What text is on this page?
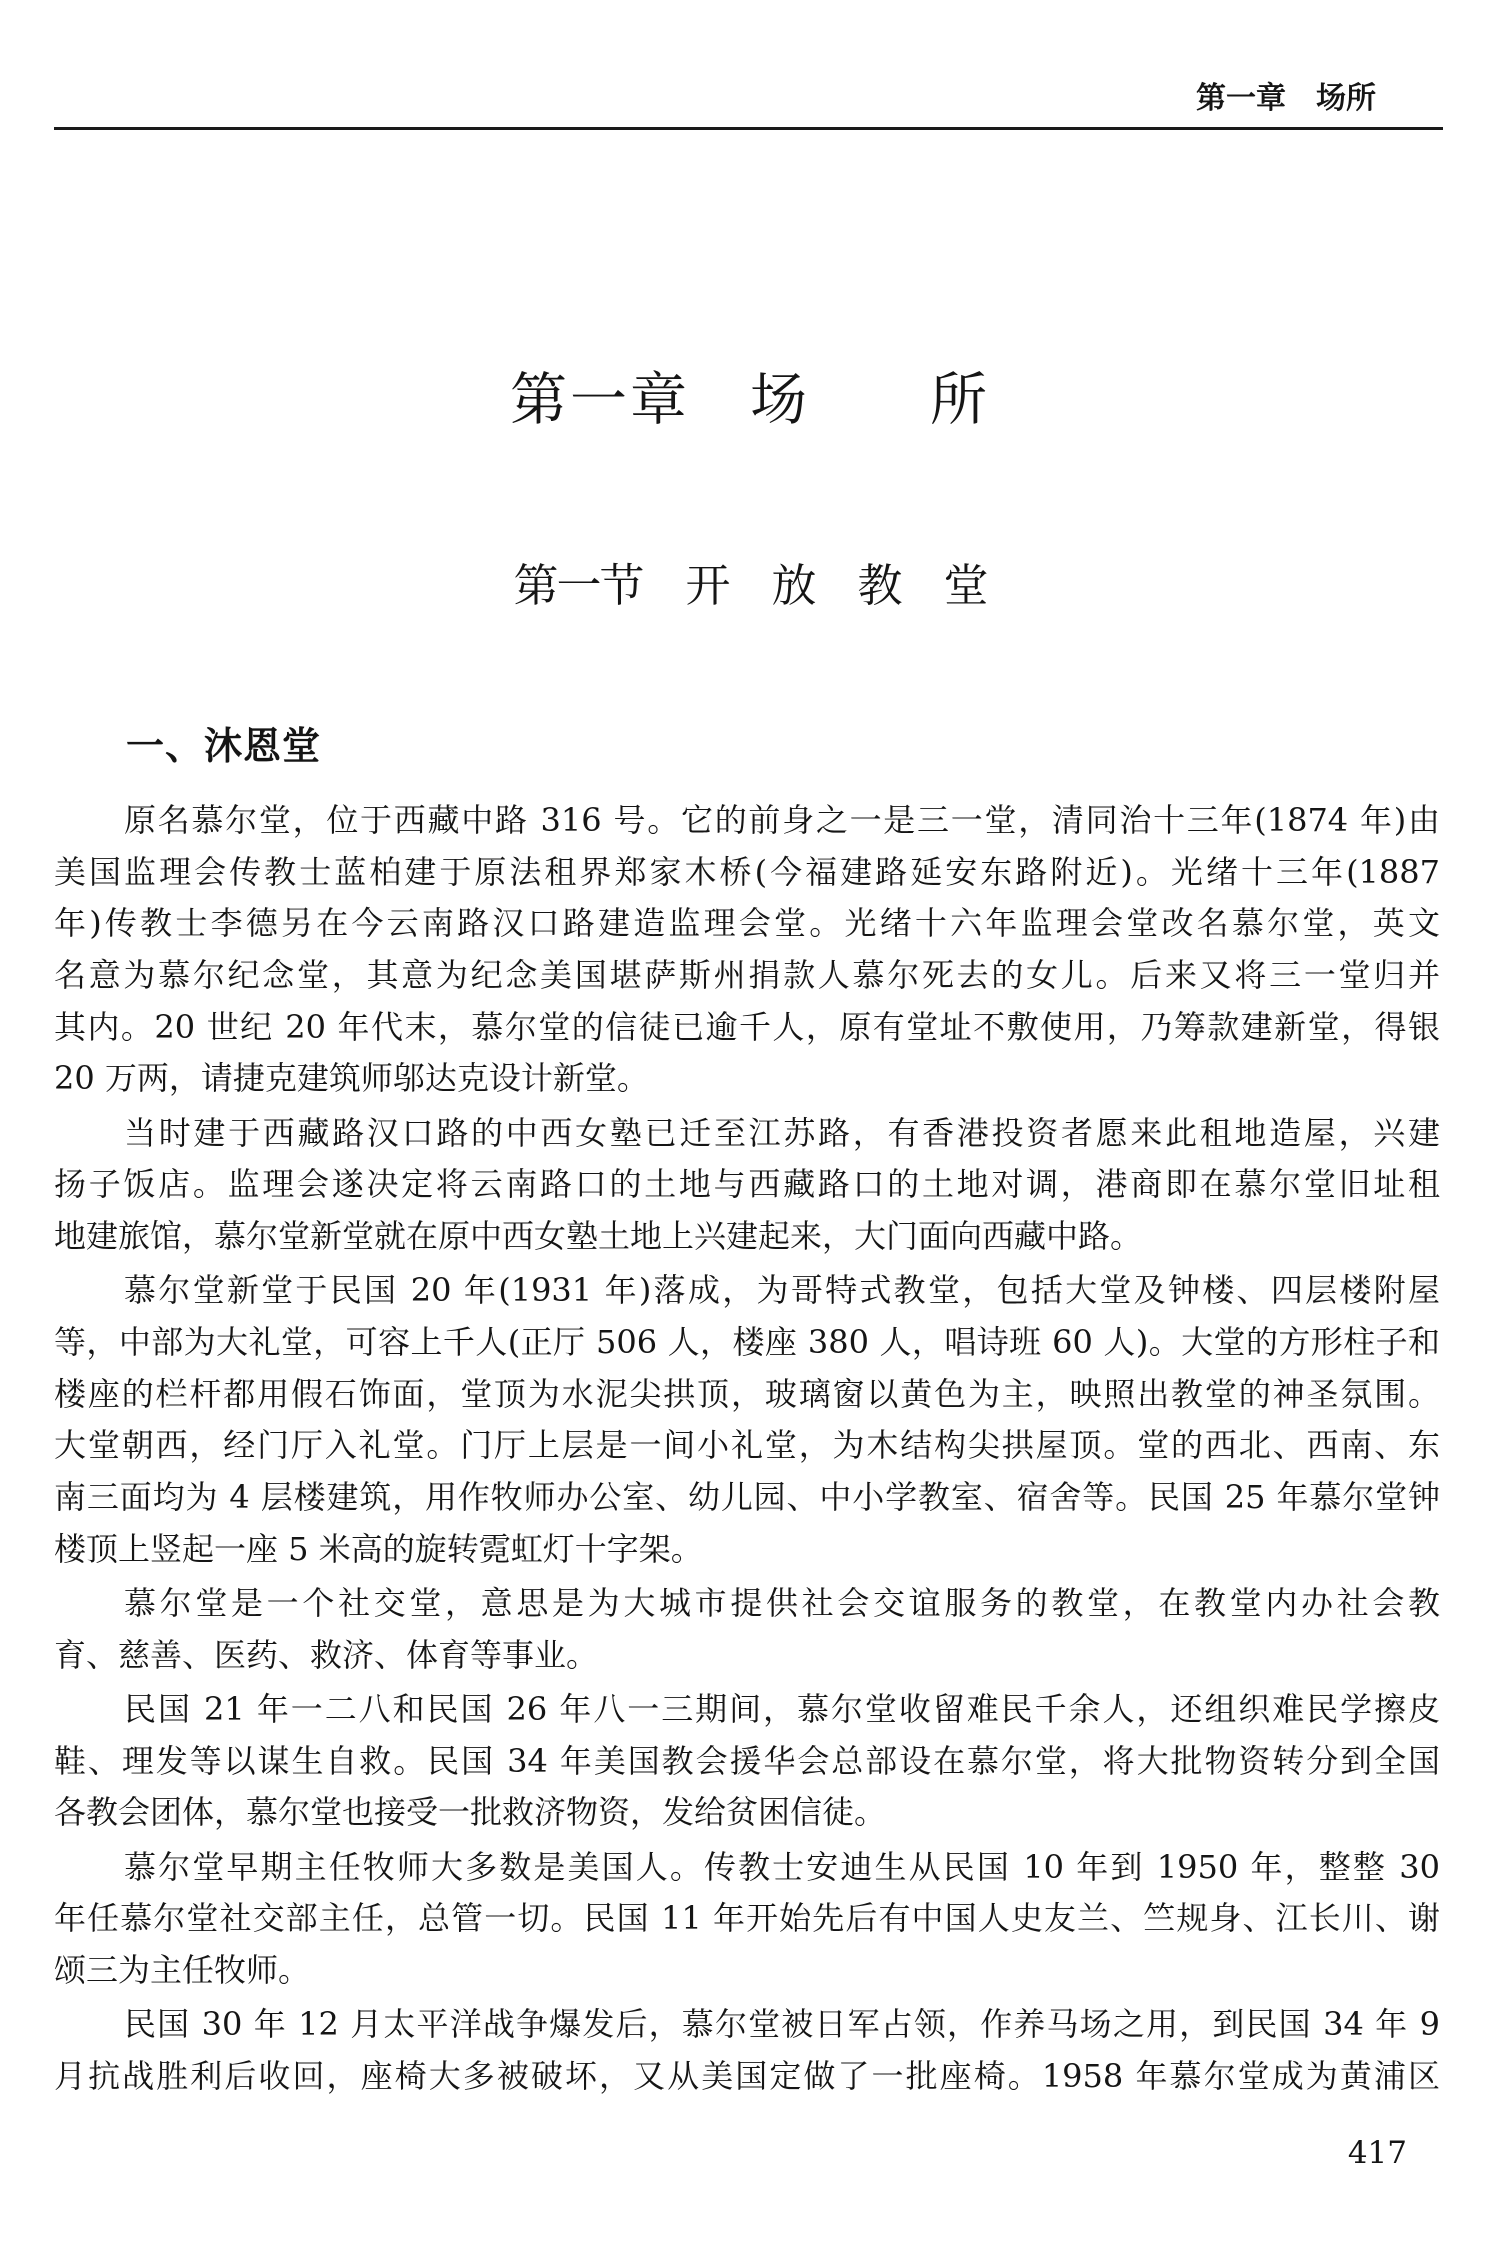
第一章　场所
第一章　场　　所
第一节　开　放　教　堂
一、沐恩堂
原名慕尔堂，位于西藏中路 316 号。它的前身之一是三一堂，清同治十三年(1874 年)由
美国监理会传教士蓝柏建于原法租界郑家木桥(今福建路延安东路附近)。光绪十三年(1887
年)传教士李德另在今云南路汉口路建造监理会堂。光绪十六年监理会堂改名慕尔堂，英文
名意为慕尔纪念堂，其意为纪念美国堪萨斯州捐款人慕尔死去的女儿。后来又将三一堂归并
其内。20 世纪 20 年代末，慕尔堂的信徒已逾千人，原有堂址不敷使用，乃筹款建新堂，得银
20 万两，请捷克建筑师邬达克设计新堂。
当时建于西藏路汉口路的中西女塾已迁至江苏路，有香港投资者愿来此租地造屋，兴建
扬子饭店。监理会遂决定将云南路口的土地与西藏路口的土地对调，港商即在慕尔堂旧址租
地建旅馆，慕尔堂新堂就在原中西女塾土地上兴建起来，大门面向西藏中路。
慕尔堂新堂于民国 20 年(1931 年)落成，为哥特式教堂，包括大堂及钟楼、四层楼附屋
等，中部为大礼堂，可容上千人(正厅 506 人，楼座 380 人，唱诗班 60 人)。大堂的方形柱子和
楼座的栏杆都用假石饰面，堂顶为水泥尖拱顶，玻璃窗以黄色为主，映照出教堂的神圣氛围。
大堂朝西，经门厅入礼堂。门厅上层是一间小礼堂，为木结构尖拱屋顶。堂的西北、西南、东
南三面均为 4 层楼建筑，用作牧师办公室、幼儿园、中小学教室、宿舍等。民国 25 年慕尔堂钟
楼顶上竖起一座 5 米高的旋转霓虹灯十字架。
慕尔堂是一个社交堂，意思是为大城市提供社会交谊服务的教堂，在教堂内办社会教
育、慈善、医药、救济、体育等事业。
民国 21 年一二八和民国 26 年八一三期间，慕尔堂收留难民千余人，还组织难民学擦皮
鞋、理发等以谋生自救。民国 34 年美国教会援华会总部设在慕尔堂，将大批物资转分到全国
各教会团体，慕尔堂也接受一批救济物资，发给贫困信徒。
慕尔堂早期主任牧师大多数是美国人。传教士安迪生从民国 10 年到 1950 年，整整 30
年任慕尔堂社交部主任，总管一切。民国 11 年开始先后有中国人史友兰、竺规身、江长川、谢
颂三为主任牧师。
民国 30 年 12 月太平洋战争爆发后，慕尔堂被日军占领，作养马场之用，到民国 34 年 9
月抗战胜利后收回，座椅大多被破坏，又从美国定做了一批座椅。1958 年慕尔堂成为黄浦区
417
